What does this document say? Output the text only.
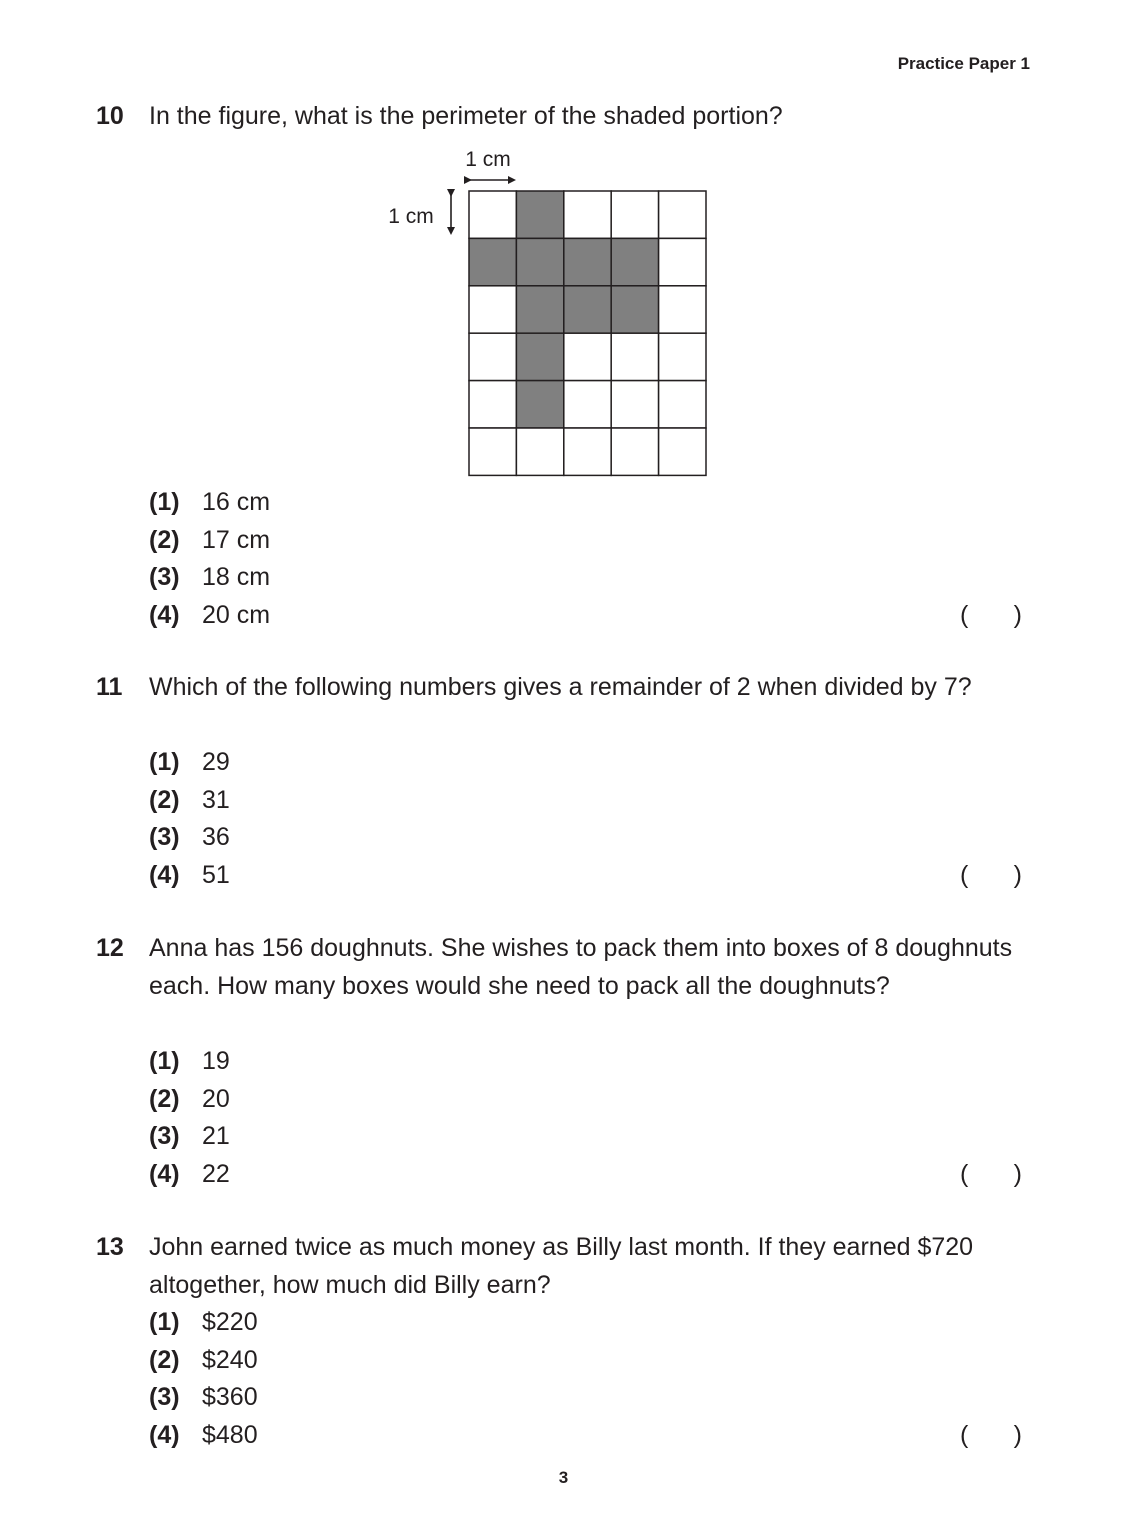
Practice Paper 1
10 In the figure, what is the perimeter of the shaded portion?
1 cm
1 cm
(1) 16 cm
(2) 17 cm
(3) 18 cm
(4) 20 cm	( )
11 Which of the following numbers gives a remainder of 2 when divided by 7?
(1) 29
(2) 31
(3) 36
(4) 51	( )
12 Anna has 156 doughnuts. She wishes to pack them into boxes of 8 doughnuts each. How many boxes would she need to pack all the doughnuts?
(1) 19
(2) 20
(3) 21
(4) 22	( )
13 John earned twice as much money as Billy last month. If they earned $720 altogether, how much did Billy earn?
(1) $220
(2) $240
(3) $360
(4) $480	( )
3
